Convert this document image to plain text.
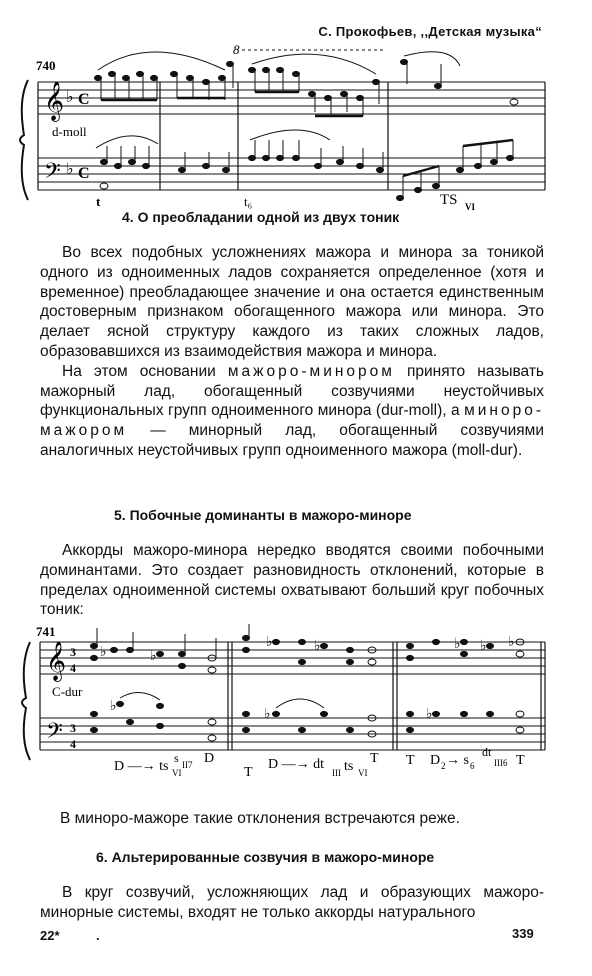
С. Прокофьев, ,,Детская музыка“
740
𝄞
𝄢
♭
♭
C
C
8
d-moll
t	t₆	TS VI
4. О преобладании одной из двух тоник

Во всех подобных усложнениях мажора и минора за тоникой одного из одноименных ладов сохраняется определенное (хотя и временное) преобладающее значение и она остается единственным достоверным признаком обогащенного мажора или минора. Это делает ясной структуру каждого из таких сложных ладов, образовавшихся из взаимодействия мажора и минора.

На этом основании мажоро-минором принято называть мажорный лад, обогащенный созвучиями неустойчивых функциональных групп одноименного минора (dur-moll), а миноро-мажором — минорный лад, обогащенный созвучиями аналогичных неустойчивых групп одноименного мажора (moll-dur).

5. Побочные доминанты в мажоро-миноре

Аккорды мажоро-минора нередко вводятся своими побочными доминантами. Это создает разновидность отклонений, которые в пределах одноименной системы охватывают больший круг побочных тоник:

741
𝄞
𝄢
3
4
3
4
C-dur
♭	♭
♭
♭
♭
♭	♭ ♭ ♭
♭
D —→ ts VI
s II7 D
T
D —→ dt
III ts VI
T T D 2 → s 6
dt
III6 T
В миноро-мажоре такие отклонения встречаются реже.
6. Альтерированные созвучия в мажоро-миноре

В круг созвучий, усложняющих лад и образующих мажоро-минорные системы, входят не только аккорды натурального

22*	.	339
